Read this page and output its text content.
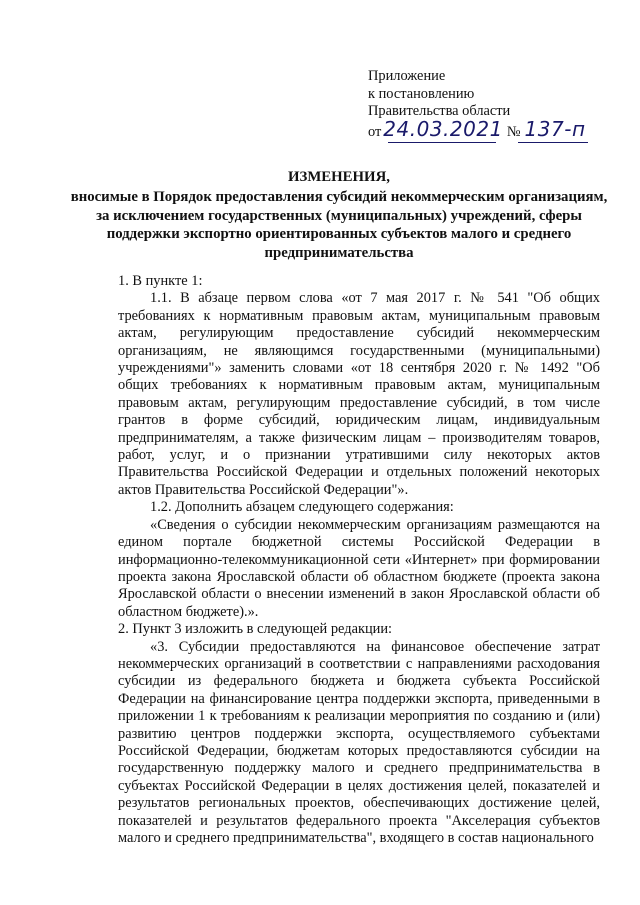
Приложение
к постановлению
Правительства области
от 24.03.2021 № 137-п
ИЗМЕНЕНИЯ,
вносимые в Порядок предоставления субсидий некоммерческим организациям, за исключением государственных (муниципальных) учреждений, сферы поддержки экспортно ориентированных субъектов малого и среднего предпринимательства

1. В пункте 1:

1.1. В абзаце первом слова «от 7 мая 2017 г. № 541 "Об общих требованиях к нормативным правовым актам, муниципальным правовым актам, регулирующим предоставление субсидий некоммерческим организациям, не являющимся государственными (муниципальными) учреждениями"» заменить словами «от 18 сентября 2020 г. № 1492 "Об общих требованиях к нормативным правовым актам, муниципальным правовым актам, регулирующим предоставление субсидий, в том числе грантов в форме субсидий, юридическим лицам, индивидуальным предпринимателям, а также физическим лицам – производителям товаров, работ, услуг, и о признании утратившими силу некоторых актов Правительства Российской Федерации и отдельных положений некоторых актов Правительства Российской Федерации"».

1.2. Дополнить абзацем следующего содержания:

«Сведения о субсидии некоммерческим организациям размещаются на едином портале бюджетной системы Российской Федерации в информационно-телекоммуникационной сети «Интернет» при формировании проекта закона Ярославской области об областном бюджете (проекта закона Ярославской области о внесении изменений в закон Ярославской области об областном бюджете).».

2. Пункт 3 изложить в следующей редакции:

«3. Субсидии предоставляются на финансовое обеспечение затрат некоммерческих организаций в соответствии с направлениями расходования субсидии из федерального бюджета и бюджета субъекта Российской Федерации на финансирование центра поддержки экспорта, приведенными в приложении 1 к требованиям к реализации мероприятия по созданию и (или) развитию центров поддержки экспорта, осуществляемого субъектами Российской Федерации, бюджетам которых предоставляются субсидии на государственную поддержку малого и среднего предпринимательства в субъектах Российской Федерации в целях достижения целей, показателей и результатов региональных проектов, обеспечивающих достижение целей, показателей и результатов федерального проекта "Акселерация субъектов малого и среднего предпринимательства", входящего в состав национального
